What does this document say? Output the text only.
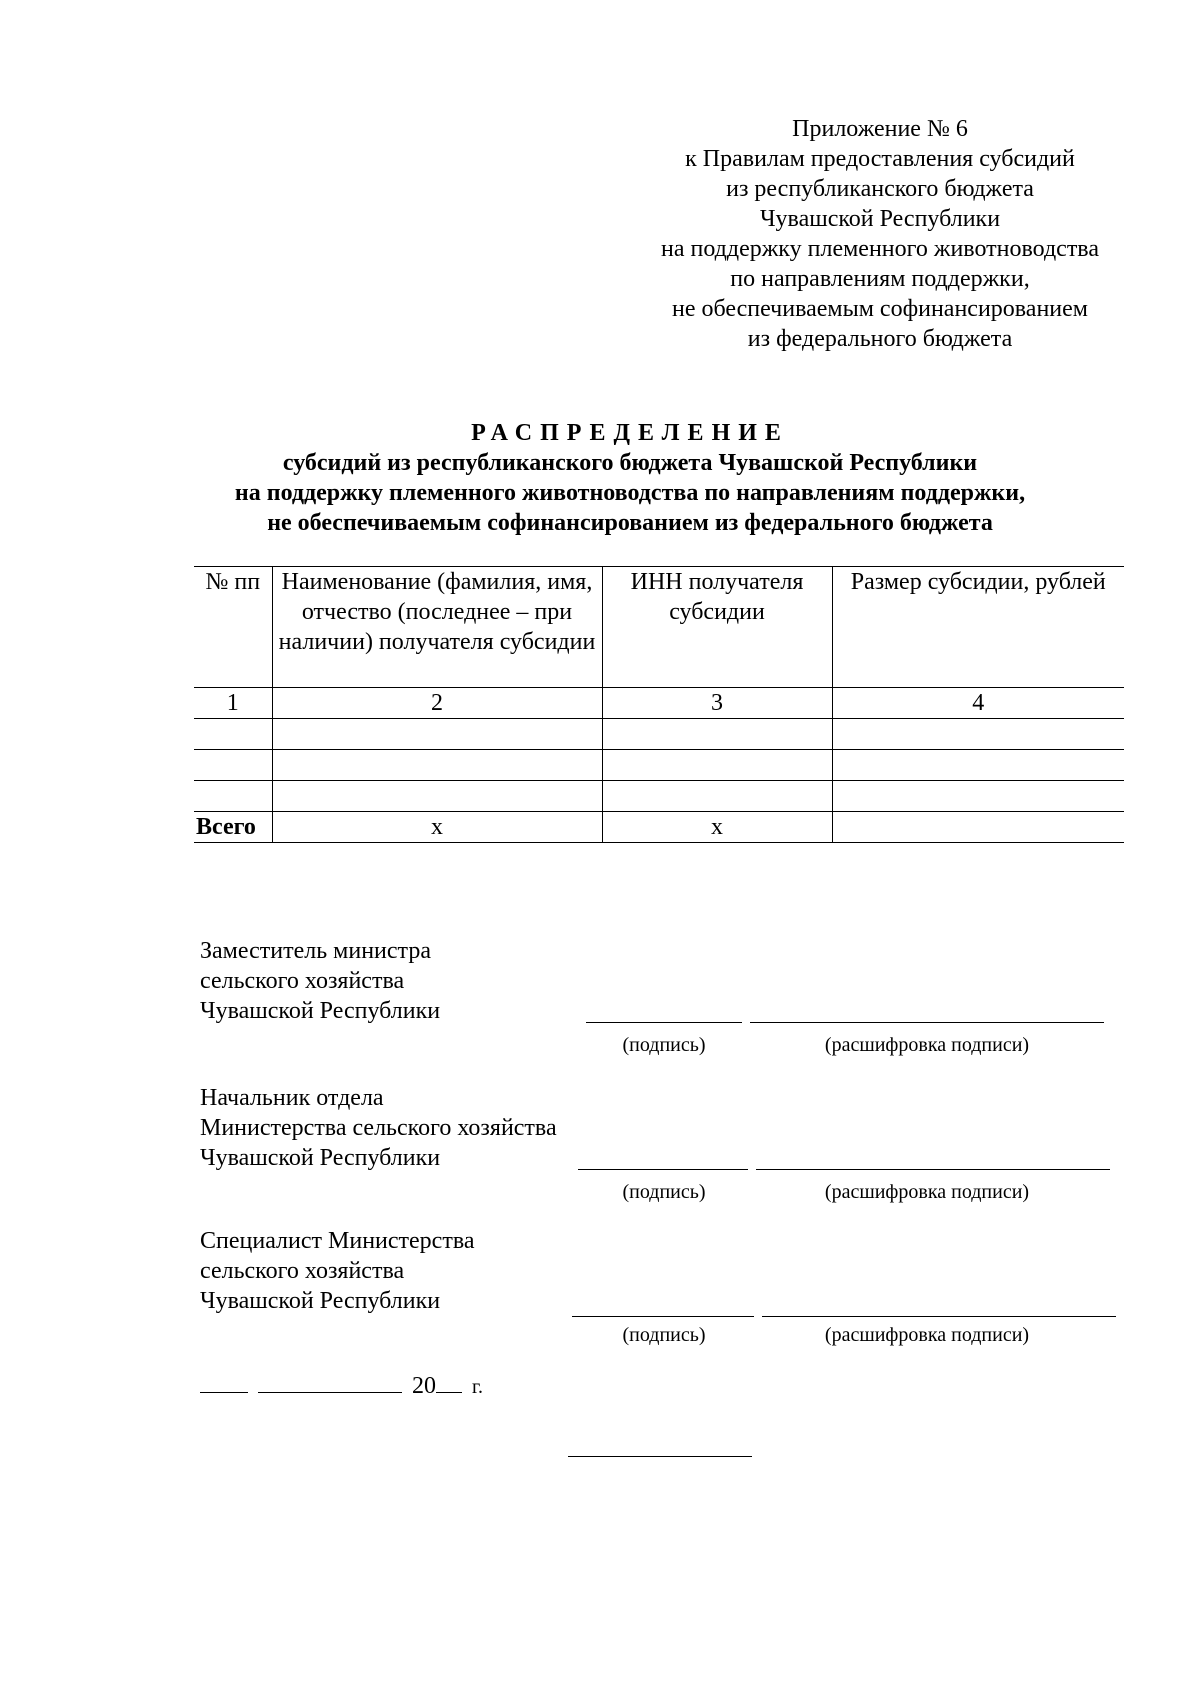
Приложение № 6
к Правилам предоставления субсидий
из республиканского бюджета
Чувашской Республики
на поддержку племенного животноводства
по направлениям поддержки,
не обеспечиваемым софинансированием
из федерального бюджета
РАСПРЕДЕЛЕНИЕ
субсидий из республиканского бюджета Чувашской Республики
на поддержку племенного животноводства по направлениям поддержки,
не обеспечиваемым софинансированием из федерального бюджета
№ пп	Наименование (фамилия, имя, отчество (последнее – при наличии) получателя субсидии	ИНН получателя субсидии	Размер субсидии, рублей
1	2	3	4

Всего	х	х	
Заместитель министра
сельского хозяйства
Чувашской Республики
(подпись)	(расшифровка подписи)
Начальник отдела
Министерства сельского хозяйства
Чувашской Республики
(подпись)	(расшифровка подписи)
Специалист Министерства
сельского хозяйства
Чувашской Республики
(подпись)	(расшифровка подписи)
20 г.
